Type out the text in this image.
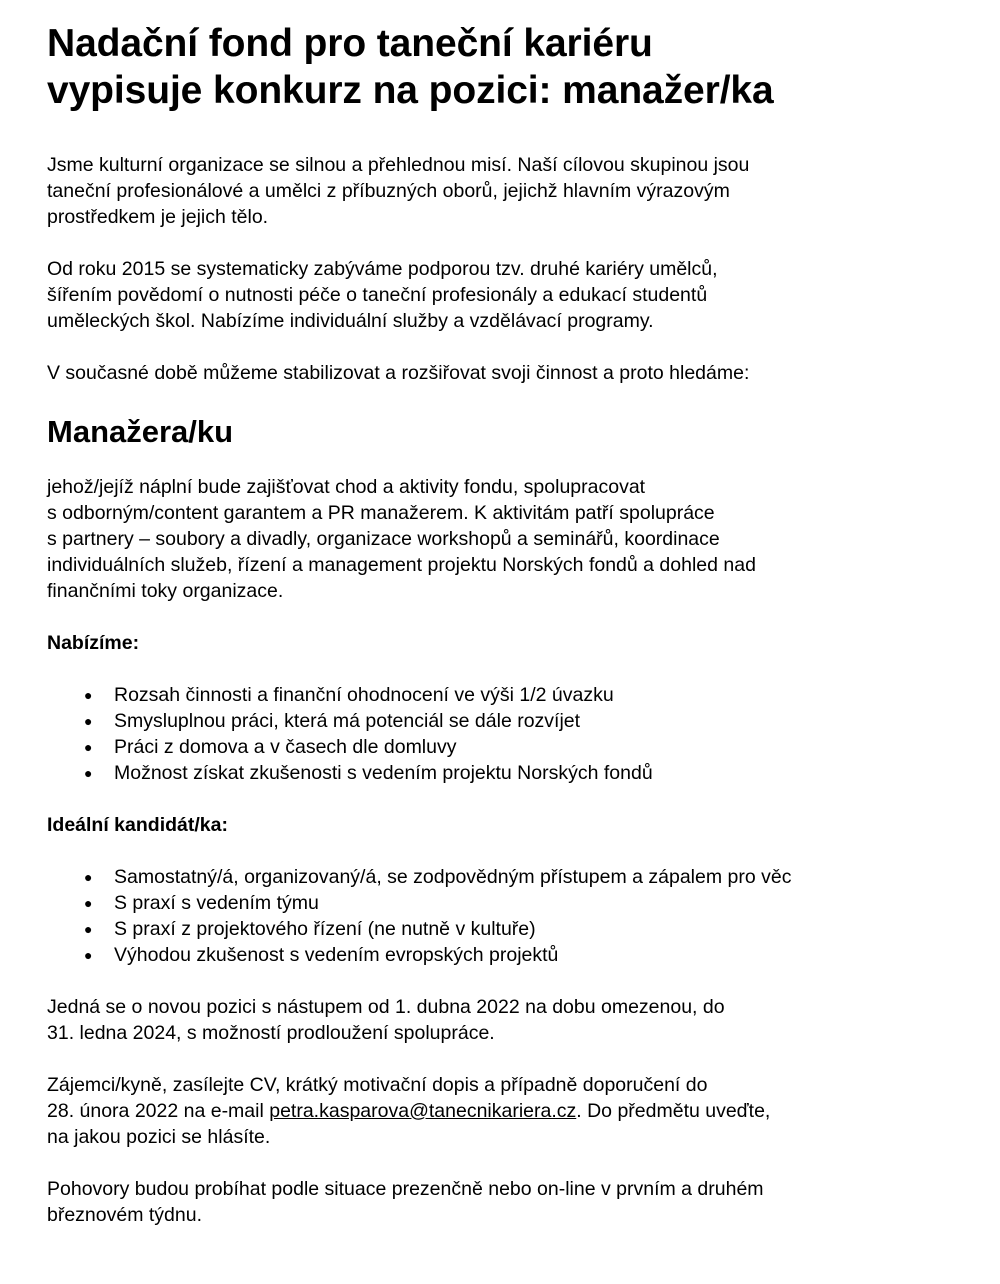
Nadační fond pro taneční kariéru
vypisuje konkurz na pozici: manažer/ka

Jsme kulturní organizace se silnou a přehlednou misí. Naší cílovou skupinou jsou
taneční profesionálové a umělci z příbuzných oborů, jejichž hlavním výrazovým
prostředkem je jejich tělo.

Od roku 2015 se systematicky zabýváme podporou tzv. druhé kariéry umělců,
šířením povědomí o nutnosti péče o taneční profesionály a edukací studentů
uměleckých škol. Nabízíme individuální služby a vzdělávací programy.

V současné době můžeme stabilizovat a rozšiřovat svoji činnost a proto hledáme:

Manažera/ku

jehož/jejíž náplní bude zajišťovat chod a aktivity fondu, spolupracovat
s odborným/content garantem a PR manažerem. K aktivitám patří spolupráce
s partnery – soubory a divadly, organizace workshopů a seminářů, koordinace
individuálních služeb, řízení a management projektu Norských fondů a dohled nad
finančními toky organizace.

Nabízíme:

● Rozsah činnosti a finanční ohodnocení ve výši 1/2 úvazku
● Smysluplnou práci, která má potenciál se dále rozvíjet
● Práci z domova a v časech dle domluvy
● Možnost získat zkušenosti s vedením projektu Norských fondů

Ideální kandidát/ka:

● Samostatný/á, organizovaný/á, se zodpovědným přístupem a zápalem pro věc
● S praxí s vedením týmu
● S praxí z projektového řízení (ne nutně v kultuře)
● Výhodou zkušenost s vedením evropských projektů

Jedná se o novou pozici s nástupem od 1. dubna 2022 na dobu omezenou, do
31. ledna 2024, s možností prodloužení spolupráce.

Zájemci/kyně, zasílejte CV, krátký motivační dopis a případně doporučení do
28. února 2022 na e-mail petra.kasparova@tanecnikariera.cz. Do předmětu uveďte,
na jakou pozici se hlásíte.

Pohovory budou probíhat podle situace prezenčně nebo on-line v prvním a druhém
březnovém týdnu.
